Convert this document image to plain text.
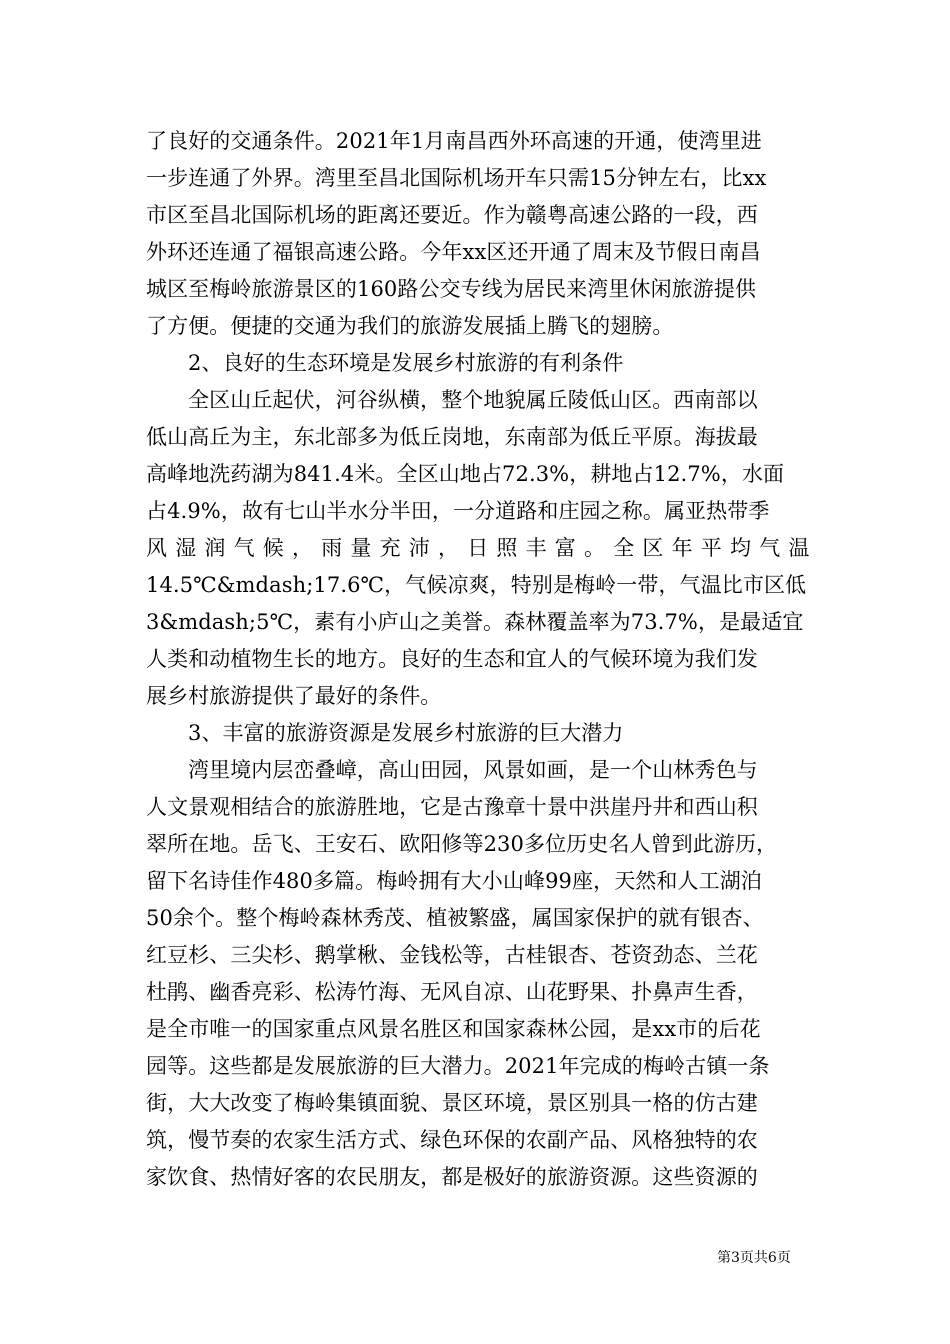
了良好的交通条件。2021年1月南昌西外环高速的开通，使湾里进
一步连通了外界。湾里至昌北国际机场开车只需15分钟左右，比xx
市区至昌北国际机场的距离还要近。作为赣粤高速公路的一段，西
外环还连通了福银高速公路。今年xx区还开通了周末及节假日南昌
城区至梅岭旅游景区的160路公交专线为居民来湾里休闲旅游提供
了方便。便捷的交通为我们的旅游发展插上腾飞的翅膀。
2、良好的生态环境是发展乡村旅游的有利条件
全区山丘起伏，河谷纵横，整个地貌属丘陵低山区。西南部以
低山高丘为主，东北部多为低丘岗地，东南部为低丘平原。海拔最
高峰地洗药湖为841.4米。全区山地占72.3%，耕地占12.7%，水面
占4.9%，故有七山半水分半田，一分道路和庄园之称。属亚热带季
风湿润气候，雨量充沛，日照丰富。全区年平均气温
14.5℃&mdash;17.6℃，气候凉爽，特别是梅岭一带，气温比市区低
3&mdash;5℃，素有小庐山之美誉。森林覆盖率为73.7%，是最适宜
人类和动植物生长的地方。良好的生态和宜人的气候环境为我们发
展乡村旅游提供了最好的条件。
3、丰富的旅游资源是发展乡村旅游的巨大潜力
湾里境内层峦叠嶂，高山田园，风景如画，是一个山林秀色与
人文景观相结合的旅游胜地，它是古豫章十景中洪崖丹井和西山积
翠所在地。岳飞、王安石、欧阳修等230多位历史名人曾到此游历，
留下名诗佳作480多篇。梅岭拥有大小山峰99座，天然和人工湖泊
50余个。整个梅岭森林秀茂、植被繁盛，属国家保护的就有银杏、
红豆杉、三尖杉、鹅掌楸、金钱松等，古桂银杏、苍资劲态、兰花
杜鹃、幽香亮彩、松涛竹海、无风自凉、山花野果、扑鼻声生香，
是全市唯一的国家重点风景名胜区和国家森林公园，是xx市的后花
园等。这些都是发展旅游的巨大潜力。2021年完成的梅岭古镇一条
街，大大改变了梅岭集镇面貌、景区环境，景区别具一格的仿古建
筑，慢节奏的农家生活方式、绿色环保的农副产品、风格独特的农
家饮食、热情好客的农民朋友，都是极好的旅游资源。这些资源的
第3页共6页
